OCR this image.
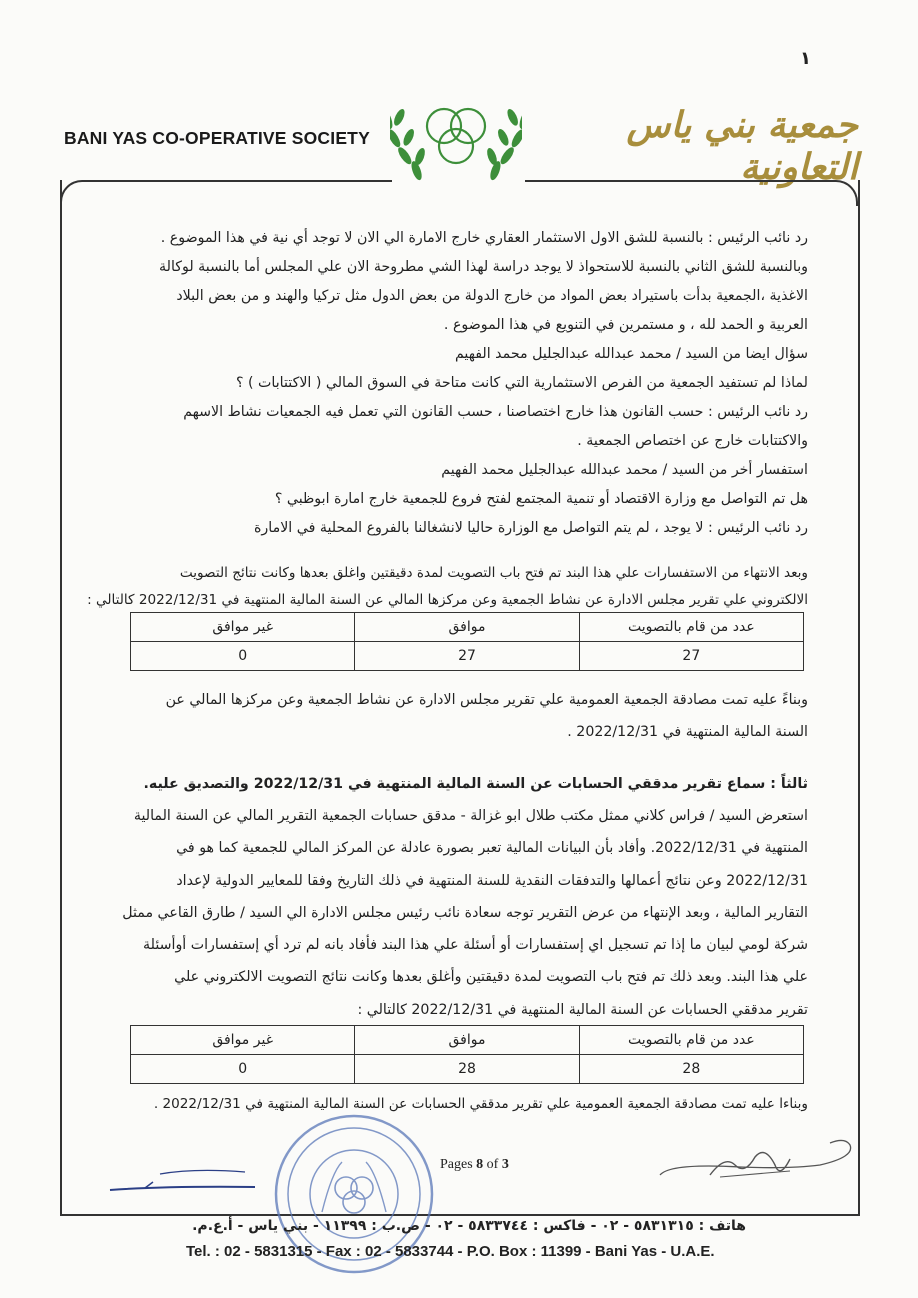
١
BANI YAS CO-OPERATIVE SOCIETY	جمعية بني ياس التعاونية
رد نائب الرئيس : بالنسبة للشق الاول الاستثمار العقاري خارج الامارة الي الان لا توجد أي نية في هذا الموضوع .
وبالنسبة للشق الثاني بالنسبة للاستحواذ لا يوجد دراسة لهذا الشي مطروحة الان علي المجلس أما بالنسبة لوكالة
الاغذية ،الجمعية بدأت باستيراد بعض المواد من خارج الدولة من بعض الدول مثل تركيا والهند و من بعض البلاد
العربية و الحمد لله ، و مستمرين في التنويع في هذا الموضوع .
سؤال ايضا من السيد / محمد عبدالله عبدالجليل محمد الفهيم
لماذا لم تستفيد الجمعية من الفرص الاستثمارية التي كانت متاحة في السوق المالي ( الاكتتابات ) ؟
رد نائب الرئيس : حسب القانون هذا خارج اختصاصنا ، حسب القانون التي تعمل فيه الجمعيات نشاط الاسهم
والاكتتابات خارج عن اختصاص الجمعية .
استفسار أخر من السيد / محمد عبدالله عبدالجليل محمد الفهيم
هل تم التواصل مع وزارة الاقتصاد أو تنمية المجتمع لفتح فروع للجمعية خارج امارة ابوظبي ؟
رد نائب الرئيس : لا يوجد ، لم يتم التواصل مع الوزارة حاليا لانشغالنا بالفروع المحلية في الامارة
وبعد الانتهاء من الاستفسارات علي هذا البند تم فتح باب التصويت لمدة دقيقتين واغلق بعدها وكانت نتائج التصويت
الالكتروني علي تقرير مجلس الادارة عن نشاط الجمعية وعن مركزها المالي عن السنة المالية المنتهية في 2022/12/31 كالتالي :
عدد من قام بالتصويت	موافق	غير موافق
27	27	0
وبناءً عليه تمت مصادقة الجمعية العمومية علي تقرير مجلس الادارة عن نشاط الجمعية وعن مركزها المالي عن
السنة المالية المنتهية في 2022/12/31 .
ثالثاً : سماع تقرير مدققي الحسابات عن السنة المالية المنتهية في 2022/12/31 والتصديق عليه.
استعرض السيد / فراس كلاني ممثل مكتب طلال ابو غزالة - مدقق حسابات الجمعية التقرير المالي عن السنة المالية
المنتهية في 2022/12/31. وأفاد بأن البيانات المالية تعبر بصورة عادلة عن المركز المالي للجمعية كما هو في
2022/12/31 وعن نتائج أعمالها والتدفقات النقدية للسنة المنتهية في ذلك التاريخ وفقا للمعايير الدولية لإعداد
التقارير المالية ، وبعد الإنتهاء من عرض التقرير توجه سعادة نائب رئيس مجلس الادارة الي السيد / طارق القاعي ممثل
شركة لومي لبيان ما إذا تم تسجيل اي إستفسارات أو أسئلة علي هذا البند فأفاد بانه لم ترد أي إستفسارات أوأسئلة
علي هذا البند. وبعد ذلك تم فتح باب التصويت لمدة دقيقتين وأغلق بعدها وكانت نتائج التصويت الالكتروني علي
تقرير مدققي الحسابات عن السنة المالية المنتهية في 2022/12/31 كالتالي :
عدد من قام بالتصويت	موافق	غير موافق
28	28	0
وبناءا عليه تمت مصادقة الجمعية العمومية علي تقرير مدققي الحسابات عن السنة المالية المنتهية في 2022/12/31 .
Pages 8 of 3
هاتف : ٥٨٣١٣١٥ - ٠٢ - فاكس : ٥٨٣٣٧٤٤ - ٠٢ - ص.ب : ١١٣٩٩ - بني ياس - أ.ع.م.
Tel. : 02 - 5831315 - Fax : 02 - 5833744 - P.O. Box : 11399 - Bani Yas - U.A.E.
